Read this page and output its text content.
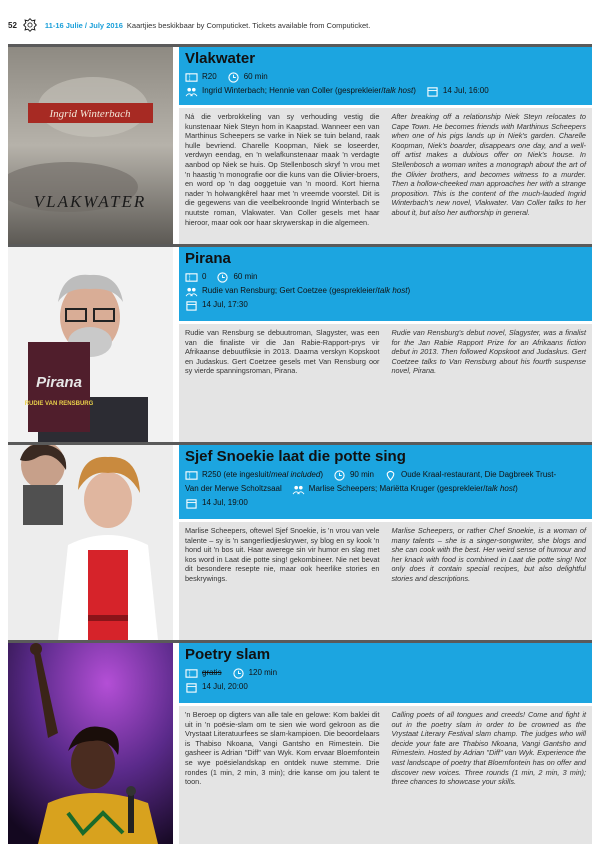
52	11-16 Julie / July 2016 Kaartjies beskikbaar by Computicket. Tickets available from Computicket.
Ingrid Winterbach
VLAKWATER
Vlakwater
R20	60 min
Ingrid Winterbach; Hennie van Coller (gesprekleier/talk host)	14 Jul, 16:00
Ná die verbrokkeling van sy verhouding vestig die kunstenaar Niek Steyn hom in Kaapstad. Wanneer een van Marthinus Scheepers se varke in Niek se tuin beland, raak hulle bevriend. Charelle Koopman, Niek se loseerder, verdwyn eendag, en 'n welafkunstenaar maak 'n verdagte aanbod op Niek se huis. Op Stellenbosch skryf 'n vrou met 'n haastig 'n monografie oor die kuns van die Olivier-broers, en word op 'n dag ooggetuie van 'n moord. Kort hierna nader 'n holwangkêrel haar met 'n vreemde voorstel. Dit is die gegewens van die veelbekroonde Ingrid Winterbach se nuutste roman, Vlakwater. Van Coller gesels met haar hieroor, maar ook oor haar skrywerskap in die algemeen.
After breaking off a relationship Niek Steyn relocates to Cape Town. He becomes friends with Marthinus Scheepers when one of his pigs lands up in Niek's garden. Charelle Koopman, Niek's boarder, disappears one day, and a well-off artist makes a dubious offer on Niek's house. In Stellenbosch a woman writes a monograph about the art of the Olivier brothers, and becomes witness to a murder. Then a hollow-cheeked man approaches her with a strange proposition. This is the content of the much-lauded Ingrid Winterbach's new novel, Vlakwater. Van Coller talks to her about it, but also her authorship in general.
Pirana
RUDIE VAN RENSBURG
Pirana
0	60 min
Rudie van Rensburg; Gert Coetzee (gesprekleier/talk host)
14 Jul, 17:30
Rudie van Rensburg se debuutroman, Slagyster, was een van die finaliste vir die Jan Rabie-Rapport-prys vir Afrikaanse debuutfiksie in 2013. Daarna verskyn Kopskoot en Judaskus. Gert Coetzee gesels met Van Rensburg oor sy vierde spanningsroman, Pirana.
Rudie van Rensburg's debut novel, Slagyster, was a finalist for the Jan Rabie Rapport Prize for an Afrikaans fiction debut in 2013. Then followed Kopskoot and Judaskus. Gert Coetzee talks to Van Rensburg about his fourth suspense novel, Pirana.
Sjef Snoekie laat die potte sing
R250 (ete ingesluit/meal included)	90 min	Oude Kraal-restaurant, Die Dagbreek Trust-
Van der Merwe Scholtzsaal	Marlise Scheepers; Mariëtta Kruger (gesprekleier/talk host)
14 Jul, 19:00
Marlise Scheepers, oftewel Sjef Snoekie, is 'n vrou van vele talente – sy is 'n sangerliedjieskrywer, sy blog en sy kook 'n hond uit 'n bos uit. Haar awerege sin vir humor en slag met kos word in Laat die potte sing! gekombineer. Nie net bevat dit besondere resepte nie, maar ook heerlike stories en beskrywings.
Marlise Scheepers, or rather Chef Snoekie, is a woman of many talents – she is a singer-songwriter, she blogs and she can cook with the best. Her weird sense of humour and her knack with food is combined in Laat die potte sing! Not only does it contain special recipes, but also delightful stories and descriptions.
Poetry slam
gratis	120 min
14 Jul, 20:00
'n Beroep op digters van alle tale en gelowe: Kom baklei dit uit in 'n poësie-slam om te sien wie word gekroon as die Vrystaat Literatuurfees se slam-kampioen. Die beoordelaars is Thabiso Nkoana, Vangi Gantsho en Rimestein. Die gasheer is Adrian "Diff" van Wyk. Kom ervaar Bloemfontein se wye poësielandskap en ontdek nuwe stemme. Drie rondes (1 min, 2 min, 3 min); drie kanse om jou talent te toon.
Calling poets of all tongues and creeds! Come and fight it out in the poetry slam in order to be crowned as the Vrystaat Literary Festival slam champ. The judges who will decide your fate are Thabiso Nkoana, Vangi Gantsho and Rimestein. Hosted by Adrian "Diff" van Wyk. Experience the vast landscape of poetry that Bloemfontein has on offer and discover new voices. Three rounds (1 min, 2 min, 3 min); three chances to showcase your skills.
